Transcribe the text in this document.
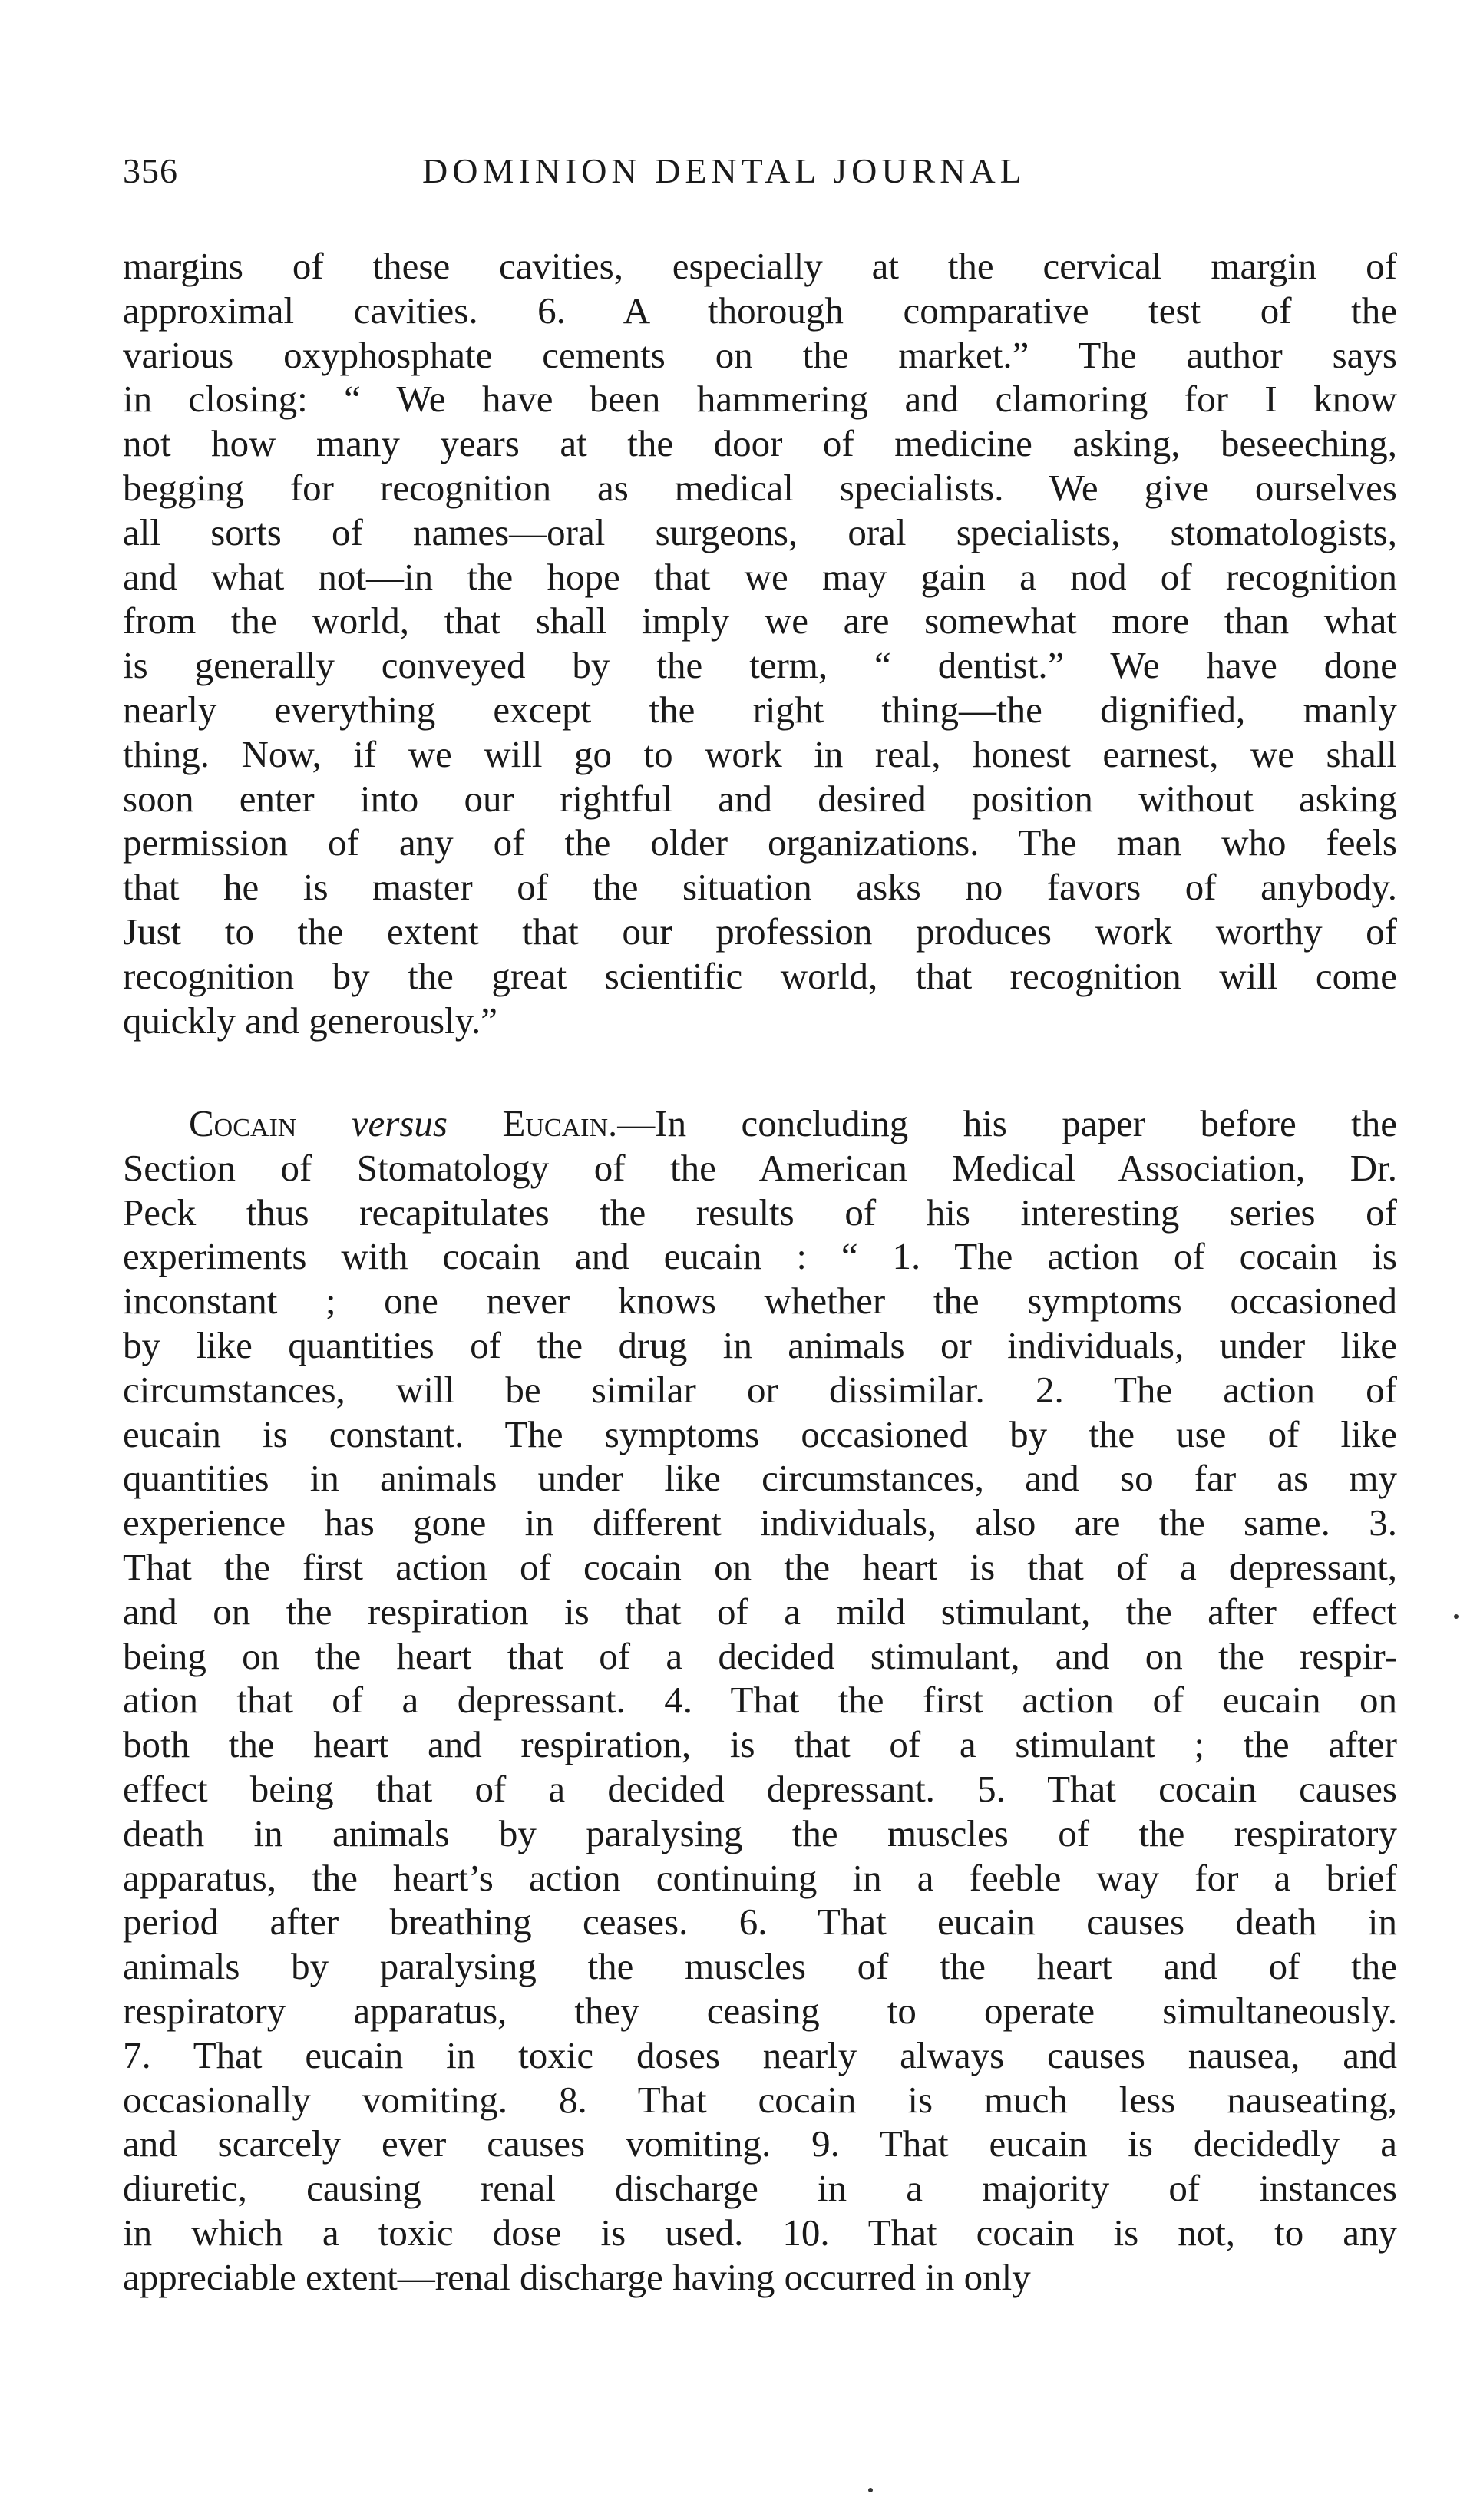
356	DOMINION DENTAL JOURNAL
margins of these cavities, especially at the cervical margin of
approximal cavities. 6. A thorough comparative test of the
various oxyphosphate cements on the market.” The author says
in closing: “ We have been hammering and clamoring for I know
not how many years at the door of medicine asking, beseeching,
begging for recognition as medical specialists. We give ourselves
all sorts of names—oral surgeons, oral specialists, stomatologists,
and what not—in the hope that we may gain a nod of recognition
from the world, that shall imply we are somewhat more than what
is generally conveyed by the term, “ dentist.” We have done
nearly everything except the right thing—the dignified, manly
thing. Now, if we will go to work in real, honest earnest, we shall
soon enter into our rightful and desired position without asking
permission of any of the older organizations. The man who feels
that he is master of the situation asks no favors of anybody.
Just to the extent that our profession produces work worthy of
recognition by the great scientific world, that recognition will come
quickly and generously.”
Cocain versus Eucain.—In concluding his paper before the
Section of Stomatology of the American Medical Association, Dr.
Peck thus recapitulates the results of his interesting series of
experiments with cocain and eucain : “ 1. The action of cocain is
inconstant ; one never knows whether the symptoms occasioned
by like quantities of the drug in animals or individuals, under like
circumstances, will be similar or dissimilar. 2. The action of
eucain is constant. The symptoms occasioned by the use of like
quantities in animals under like circumstances, and so far as my
experience has gone in different individuals, also are the same. 3.
That the first action of cocain on the heart is that of a depressant,
and on the respiration is that of a mild stimulant, the after effect
being on the heart that of a decided stimulant, and on the respir-
ation that of a depressant. 4. That the first action of eucain on
both the heart and respiration, is that of a stimulant ; the after
effect being that of a decided depressant. 5. That cocain causes
death in animals by paralysing the muscles of the respiratory
apparatus, the heart’s action continuing in a feeble way for a brief
period after breathing ceases. 6. That eucain causes death in
animals by paralysing the muscles of the heart and of the
respiratory apparatus, they ceasing to operate simultaneously.
7. That eucain in toxic doses nearly always causes nausea, and
occasionally vomiting. 8. That cocain is much less nauseating,
and scarcely ever causes vomiting. 9. That eucain is decidedly a
diuretic, causing renal discharge in a majority of instances
in which a toxic dose is used. 10. That cocain is not, to any
appreciable extent—renal discharge having occurred in only
